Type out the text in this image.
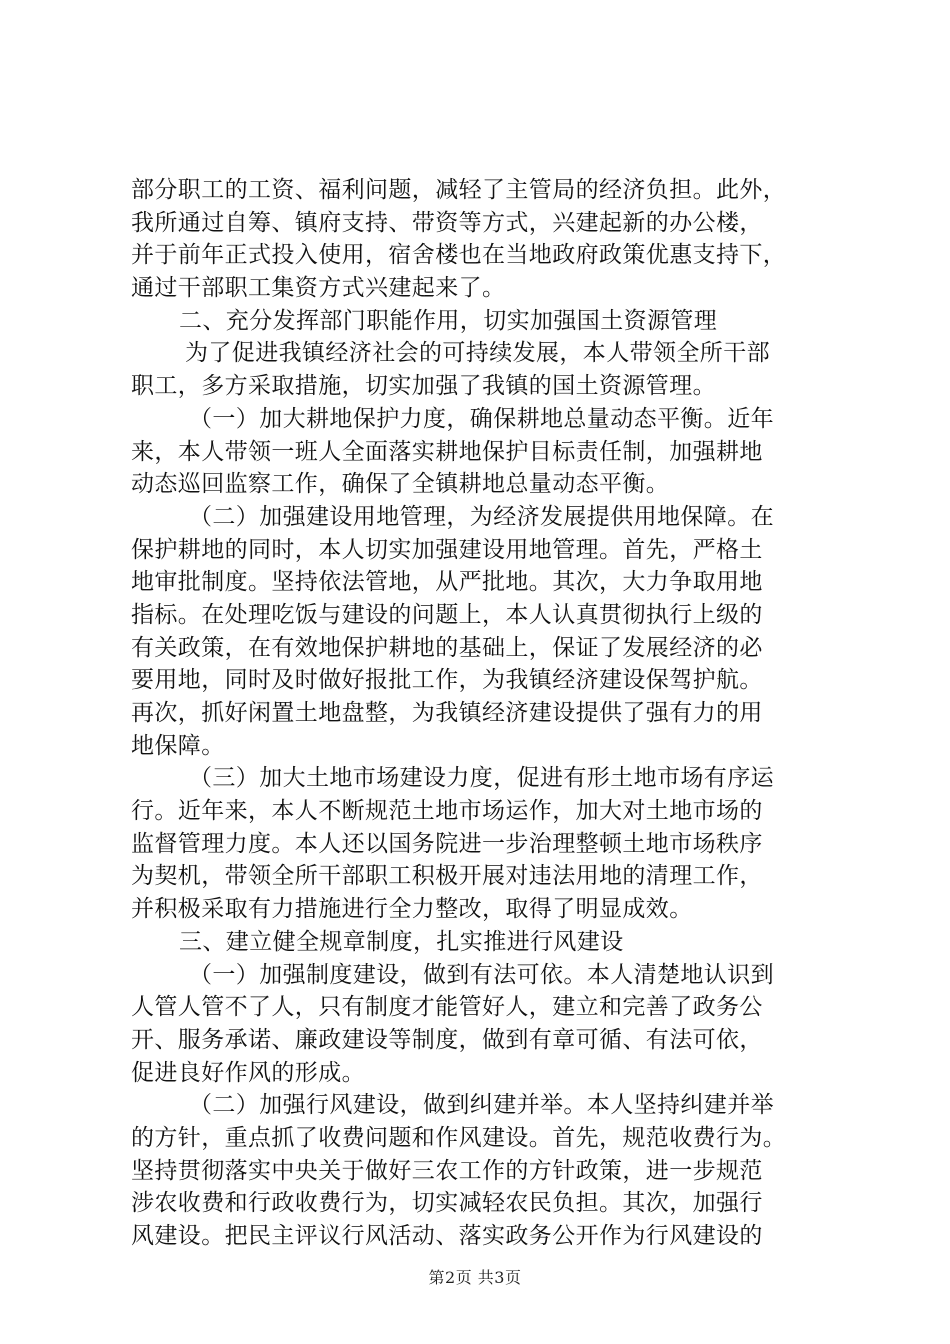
部分职工的工资、福利问题，减轻了主管局的经济负担。此外，
我所通过自筹、镇府支持、带资等方式，兴建起新的办公楼，
并于前年正式投入使用，宿舍楼也在当地政府政策优惠支持下，
通过干部职工集资方式兴建起来了。
二、充分发挥部门职能作用，切实加强国土资源管理
为了促进我镇经济社会的可持续发展，本人带领全所干部
职工，多方采取措施，切实加强了我镇的国土资源管理。
（一）加大耕地保护力度，确保耕地总量动态平衡。近年
来，本人带领一班人全面落实耕地保护目标责任制，加强耕地
动态巡回监察工作，确保了全镇耕地总量动态平衡。
（二）加强建设用地管理，为经济发展提供用地保障。在
保护耕地的同时，本人切实加强建设用地管理。首先，严格土
地审批制度。坚持依法管地，从严批地。其次，大力争取用地
指标。在处理吃饭与建设的问题上，本人认真贯彻执行上级的
有关政策，在有效地保护耕地的基础上，保证了发展经济的必
要用地，同时及时做好报批工作，为我镇经济建设保驾护航。
再次，抓好闲置土地盘整，为我镇经济建设提供了强有力的用
地保障。
（三）加大土地市场建设力度，促进有形土地市场有序运
行。近年来，本人不断规范土地市场运作，加大对土地市场的
监督管理力度。本人还以国务院进一步治理整顿土地市场秩序
为契机，带领全所干部职工积极开展对违法用地的清理工作，
并积极采取有力措施进行全力整改，取得了明显成效。
三、建立健全规章制度，扎实推进行风建设
（一）加强制度建设，做到有法可依。本人清楚地认识到
人管人管不了人，只有制度才能管好人，建立和完善了政务公
开、服务承诺、廉政建设等制度，做到有章可循、有法可依，
促进良好作风的形成。
（二）加强行风建设，做到纠建并举。本人坚持纠建并举
的方针，重点抓了收费问题和作风建设。首先，规范收费行为。
坚持贯彻落实中央关于做好三农工作的方针政策，进一步规范
涉农收费和行政收费行为，切实减轻农民负担。其次，加强行
风建设。把民主评议行风活动、落实政务公开作为行风建设的
第2页 共3页
